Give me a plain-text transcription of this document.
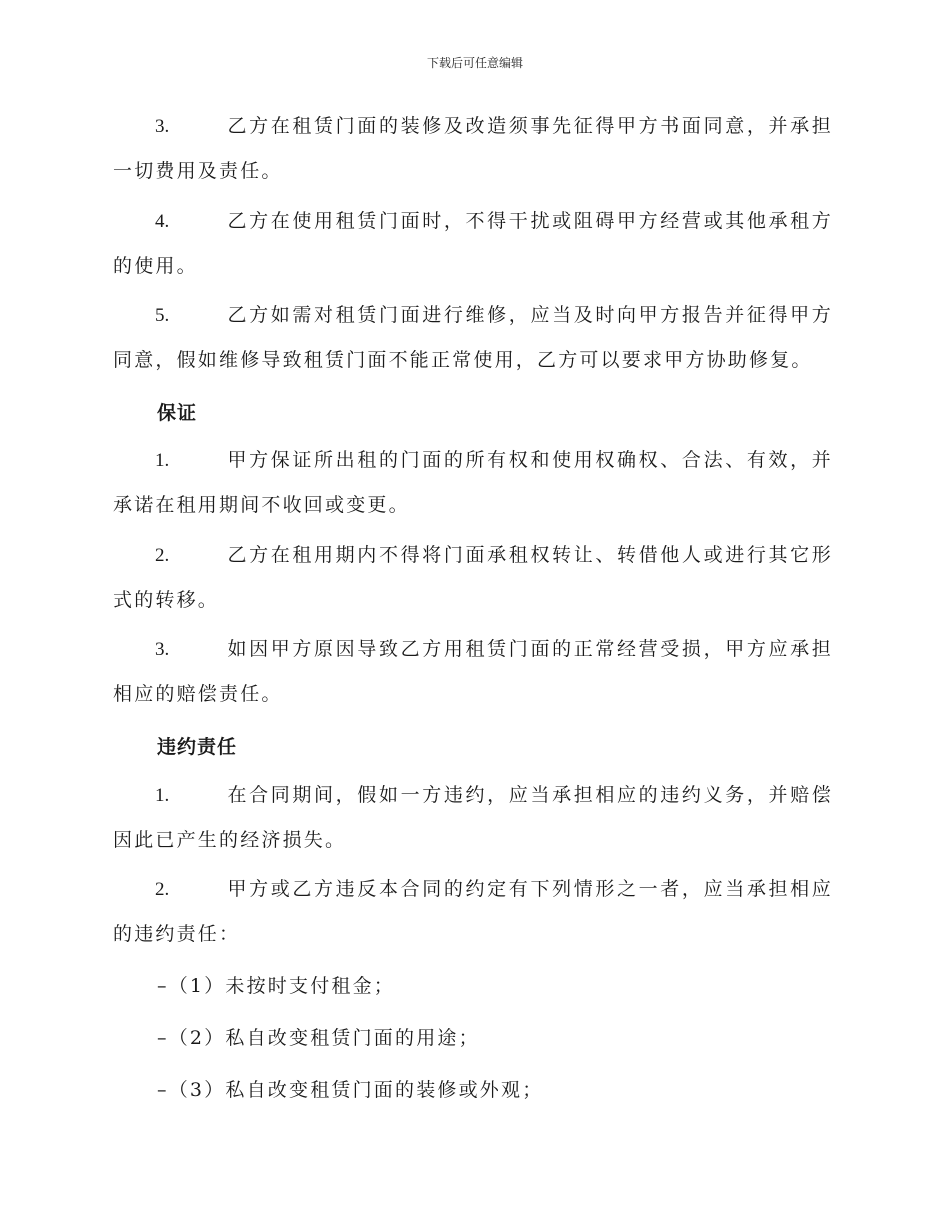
下载后可任意编辑

3.	乙方在租赁门面的装修及改造须事先征得甲方书面同意，并承担一切费用及责任。

4.	乙方在使用租赁门面时，不得干扰或阻碍甲方经营或其他承租方的使用。

5.	乙方如需对租赁门面进行维修，应当及时向甲方报告并征得甲方同意，假如维修导致租赁门面不能正常使用，乙方可以要求甲方协助修复。

保证

1.	甲方保证所出租的门面的所有权和使用权确权、合法、有效，并承诺在租用期间不收回或变更。

2.	乙方在租用期内不得将门面承租权转让、转借他人或进行其它形式的转移。

3.	如因甲方原因导致乙方用租赁门面的正常经营受损，甲方应承担相应的赔偿责任。

违约责任

1.	在合同期间，假如一方违约，应当承担相应的违约义务，并赔偿因此已产生的经济损失。

2.	甲方或乙方违反本合同的约定有下列情形之一者，应当承担相应的违约责任：

–（1）未按时支付租金；
–（2）私自改变租赁门面的用途；
–（3）私自改变租赁门面的装修或外观；
